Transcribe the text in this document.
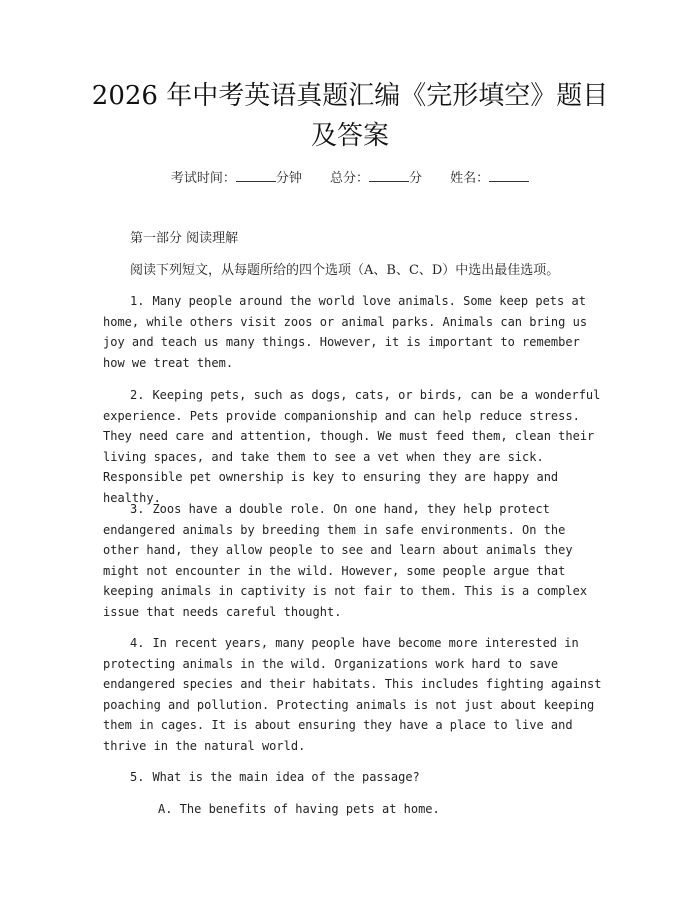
2026 年中考英语真题汇编《完形填空》题目
及答案
考试时间：	分钟 总分：	分 姓名：
第一部分 阅读理解
阅读下列短文，从每题所给的四个选项（A、B、C、D）中选出最佳选项。

1. Many people around the world love animals. Some keep pets at home, while others visit zoos or animal parks. Animals can bring us joy and teach us many things. However, it is important to remember how we treat them.

2. Keeping pets, such as dogs, cats, or birds, can be a wonderful experience. Pets provide companionship and can help reduce stress. They need care and attention, though. We must feed them, clean their living spaces, and take them to see a vet when they are sick. Responsible pet ownership is key to ensuring they are happy and healthy.

3. Zoos have a double role. On one hand, they help protect endangered animals by breeding them in safe environments. On the other hand, they allow people to see and learn about animals they might not encounter in the wild. However, some people argue that keeping animals in captivity is not fair to them. This is a complex issue that needs careful thought.

4. In recent years, many people have become more interested in protecting animals in the wild. Organizations work hard to save endangered species and their habitats. This includes fighting against poaching and pollution. Protecting animals is not just about keeping them in cages. It is about ensuring they have a place to live and thrive in the natural world.

5. What is the main idea of the passage?

A. The benefits of having pets at home.
